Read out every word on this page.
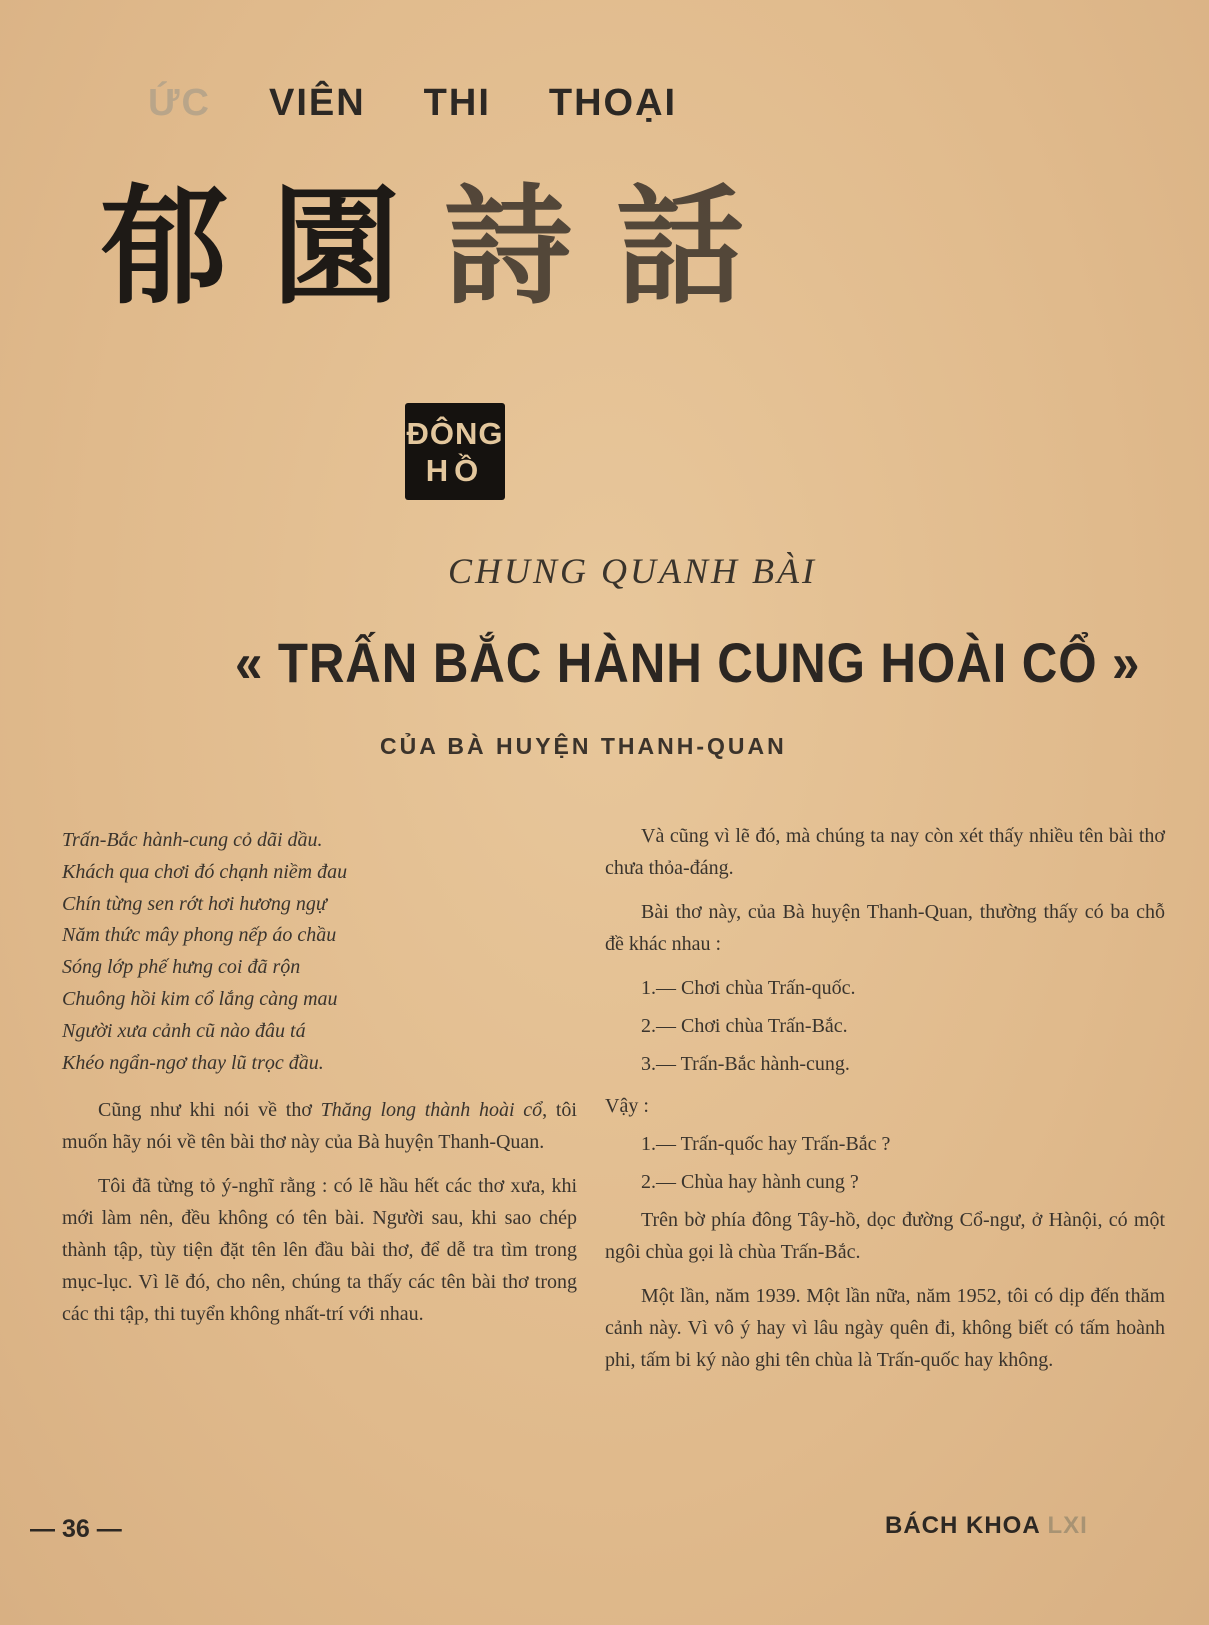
ỨC VIÊN THI THOẠI
郁 園 詩 話
ĐÔNG
HỒ
CHUNG QUANH BÀI
« TRẤN BẮC HÀNH CUNG HOÀI CỔ »
CỦA BÀ HUYỆN THANH-QUAN
Trấn-Bắc hành-cung cỏ dãi dầu.
Khách qua chơi đó chạnh niềm đau
Chín từng sen rớt hơi hương ngự
Năm thức mây phong nếp áo chầu
Sóng lớp phế hưng coi đã rộn
Chuông hồi kim cổ lắng càng mau
Người xưa cảnh cũ nào đâu tá
Khéo ngẩn-ngơ thay lũ trọc đầu.

Cũng như khi nói về thơ Thăng long thành hoài cổ, tôi muốn hãy nói về tên bài thơ này của Bà huyện Thanh-Quan.

Tôi đã từng tỏ ý-nghĩ rằng : có lẽ hầu hết các thơ xưa, khi mới làm nên, đều không có tên bài. Người sau, khi sao chép thành tập, tùy tiện đặt tên lên đầu bài thơ, để dễ tra tìm trong mục-lục. Vì lẽ đó, cho nên, chúng ta thấy các tên bài thơ trong các thi tập, thi tuyển không nhất-trí với nhau.

Và cũng vì lẽ đó, mà chúng ta nay còn xét thấy nhiều tên bài thơ chưa thỏa-đáng.

Bài thơ này, của Bà huyện Thanh-Quan, thường thấy có ba chỗ đề khác nhau :

1.— Chơi chùa Trấn-quốc.
2.— Chơi chùa Trấn-Bắc.
3.— Trấn-Bắc hành-cung.
Vậy :
1.— Trấn-quốc hay Trấn-Bắc ?
2.— Chùa hay hành cung ?

Trên bờ phía đông Tây-hồ, dọc đường Cổ-ngư, ở Hànội, có một ngôi chùa gọi là chùa Trấn-Bắc.

Một lần, năm 1939. Một lần nữa, năm 1952, tôi có dịp đến thăm cảnh này. Vì vô ý hay vì lâu ngày quên đi, không biết có tấm hoành phi, tấm bi ký nào ghi tên chùa là Trấn-quốc hay không.

— 36 —	BÁCH KHOA LXI
